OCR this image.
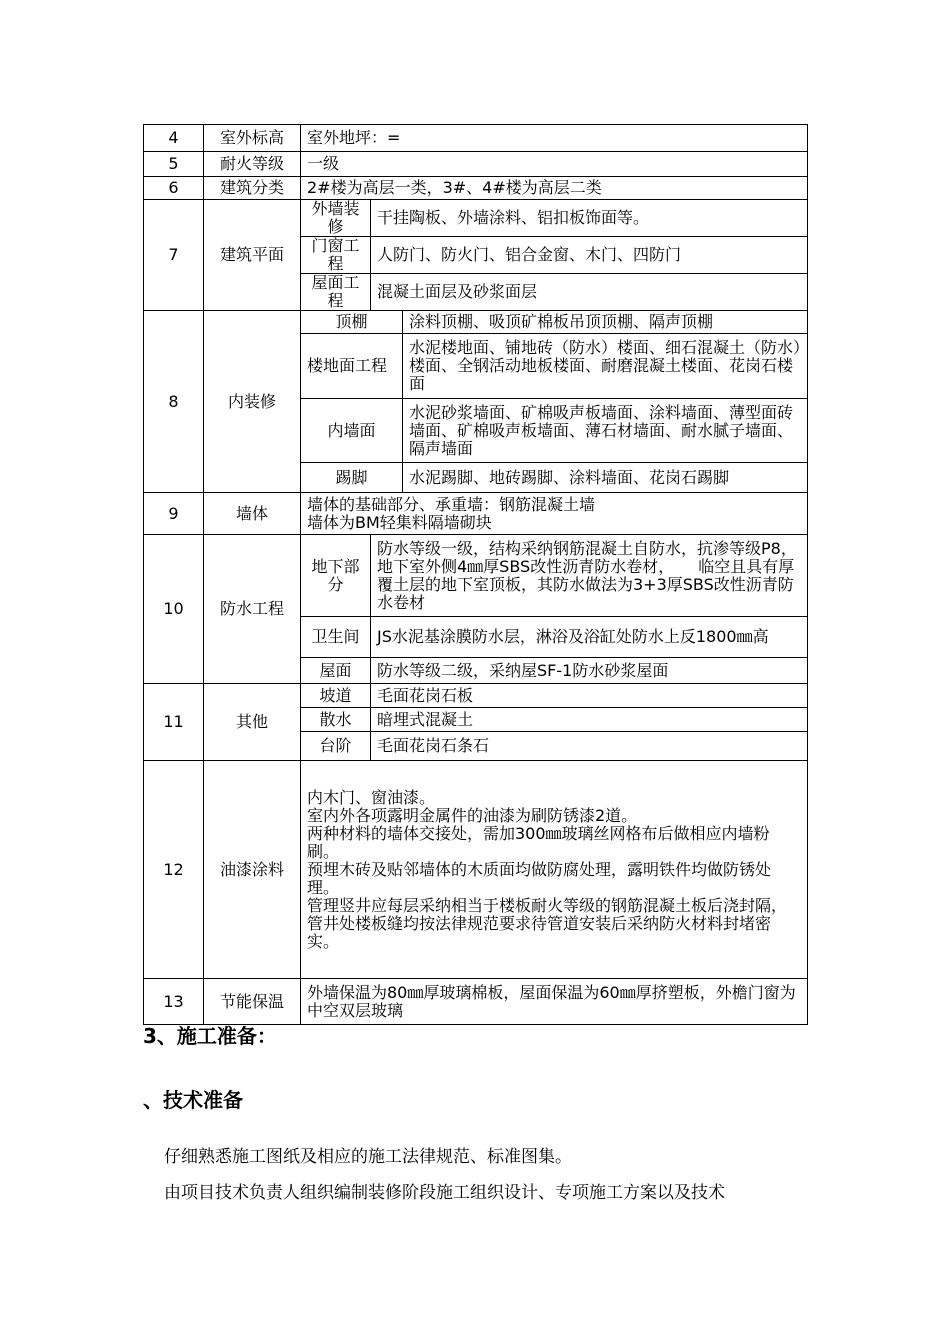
4	室外标高	室外地坪：=		
5	耐火等级	一级		
6	建筑分类	2#楼为高层一类，3#、4#楼为高层二类		
7	建筑平面	外墙装修	干挂陶板、外墙涂料、铝扣板饰面等。	
		门窗工程	人防门、防火门、铝合金窗、木门、四防门	
		屋面工程	混凝土面层及砂浆面层	
8	内装修	顶棚		涂料顶棚、吸顶矿棉板吊顶顶棚、隔声顶棚
		楼地面工程		水泥楼地面、铺地砖（防水）楼面、细石混凝土（防水）楼面、全钢活动地板楼面、耐磨混凝土楼面、花岗石楼面
		内墙面		水泥砂浆墙面、矿棉吸声板墙面、涂料墙面、薄型面砖墙面、矿棉吸声板墙面、薄石材墙面、耐水腻子墙面、隔声墙面
		踢脚		水泥踢脚、地砖踢脚、涂料墙面、花岗石踢脚
9	墙体	墙体的基础部分、承重墙：钢筋混凝土墙
墙体为BM轻集料隔墙砌块		

10	防水工程	地下部分	防水等级一级，结构采纳钢筋混凝土自防水，抗渗等级P8，地下室外侧4㎜厚SBS改性沥青防水卷材，　　临空且具有厚覆土层的地下室顶板，其防水做法为3+3厚SBS改性沥青防水卷材	
		卫生间	JS水泥基涂膜防水层，淋浴及浴缸处防水上反1800㎜高	
		屋面	防水等级二级，采纳屋SF-1防水砂浆屋面	
11	其他	坡道	毛面花岗石板	
		散水	暗埋式混凝土	
		台阶	毛面花岗石条石	
12	油漆涂料	内木门、窗油漆。
室内外各项露明金属件的油漆为刷防锈漆2道。
两种材料的墙体交接处，需加300㎜玻璃丝网格布后做相应内墙粉刷。
预埋木砖及贴邻墙体的木质面均做防腐处理，露明铁件均做防锈处理。
管理竖井应每层采纳相当于楼板耐火等级的钢筋混凝土板后浇封隔，管井处楼板缝均按法律规范要求待管道安装后采纳防火材料封堵密实。		

13	节能保温	外墙保温为80㎜厚玻璃棉板，屋面保温为60㎜厚挤塑板，外檐门窗为中空双层玻璃		
3、施工准备：
、技术准备
仔细熟悉施工图纸及相应的施工法律规范、标准图集。
由项目技术负责人组织编制装修阶段施工组织设计、专项施工方案以及技术
